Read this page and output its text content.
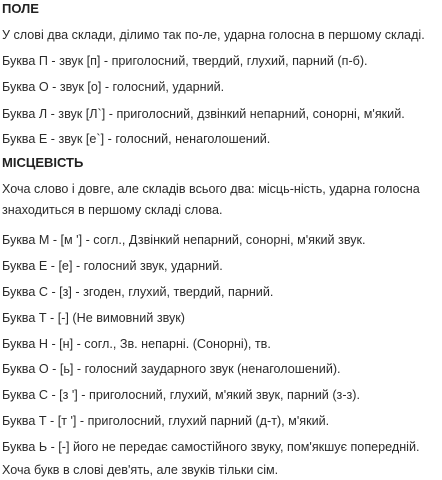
ПОЛЕ

У слові два склади, ділимо так по-ле, ударна голосна в першому складі.

Буква П - звук [п] - приголосний, твердий, глухий, парний (п-б).

Буква О - звук [о] - голосний, ударний.

Буква Л - звук [Л`] - приголосний, дзвінкий непарний, сонорні, м'який.

Буква Е - звук [е`] - голосний, ненаголошений.

МІСЦЕВІСТЬ

Хоча слово і довге, але складів всього два: місць-ність, ударна голосна знаходиться в першому складі слова.

Буква М - [м '] - согл., Дзвінкий непарний, сонорні, м'який звук.

Буква Е - [е] - голосний звук, ударний.

Буква С - [з] - згоден, глухий, твердий, парний.

Буква Т - [-] (Не вимовний звук)

Буква Н - [н] - согл., Зв. непарні. (Сонорні), тв.

Буква О - [ь] - голосний заударного звук (ненаголошений).

Буква С - [з '] - приголосний, глухий, м'який звук, парний (з-з).

Буква Т - [т '] - приголосний, глухий парний (д-т), м'який.

Буква Ь - [-] його не передає самостійного звуку, пом'якшує попередній.

Хоча букв в слові дев'ять, але звуків тільки сім.
